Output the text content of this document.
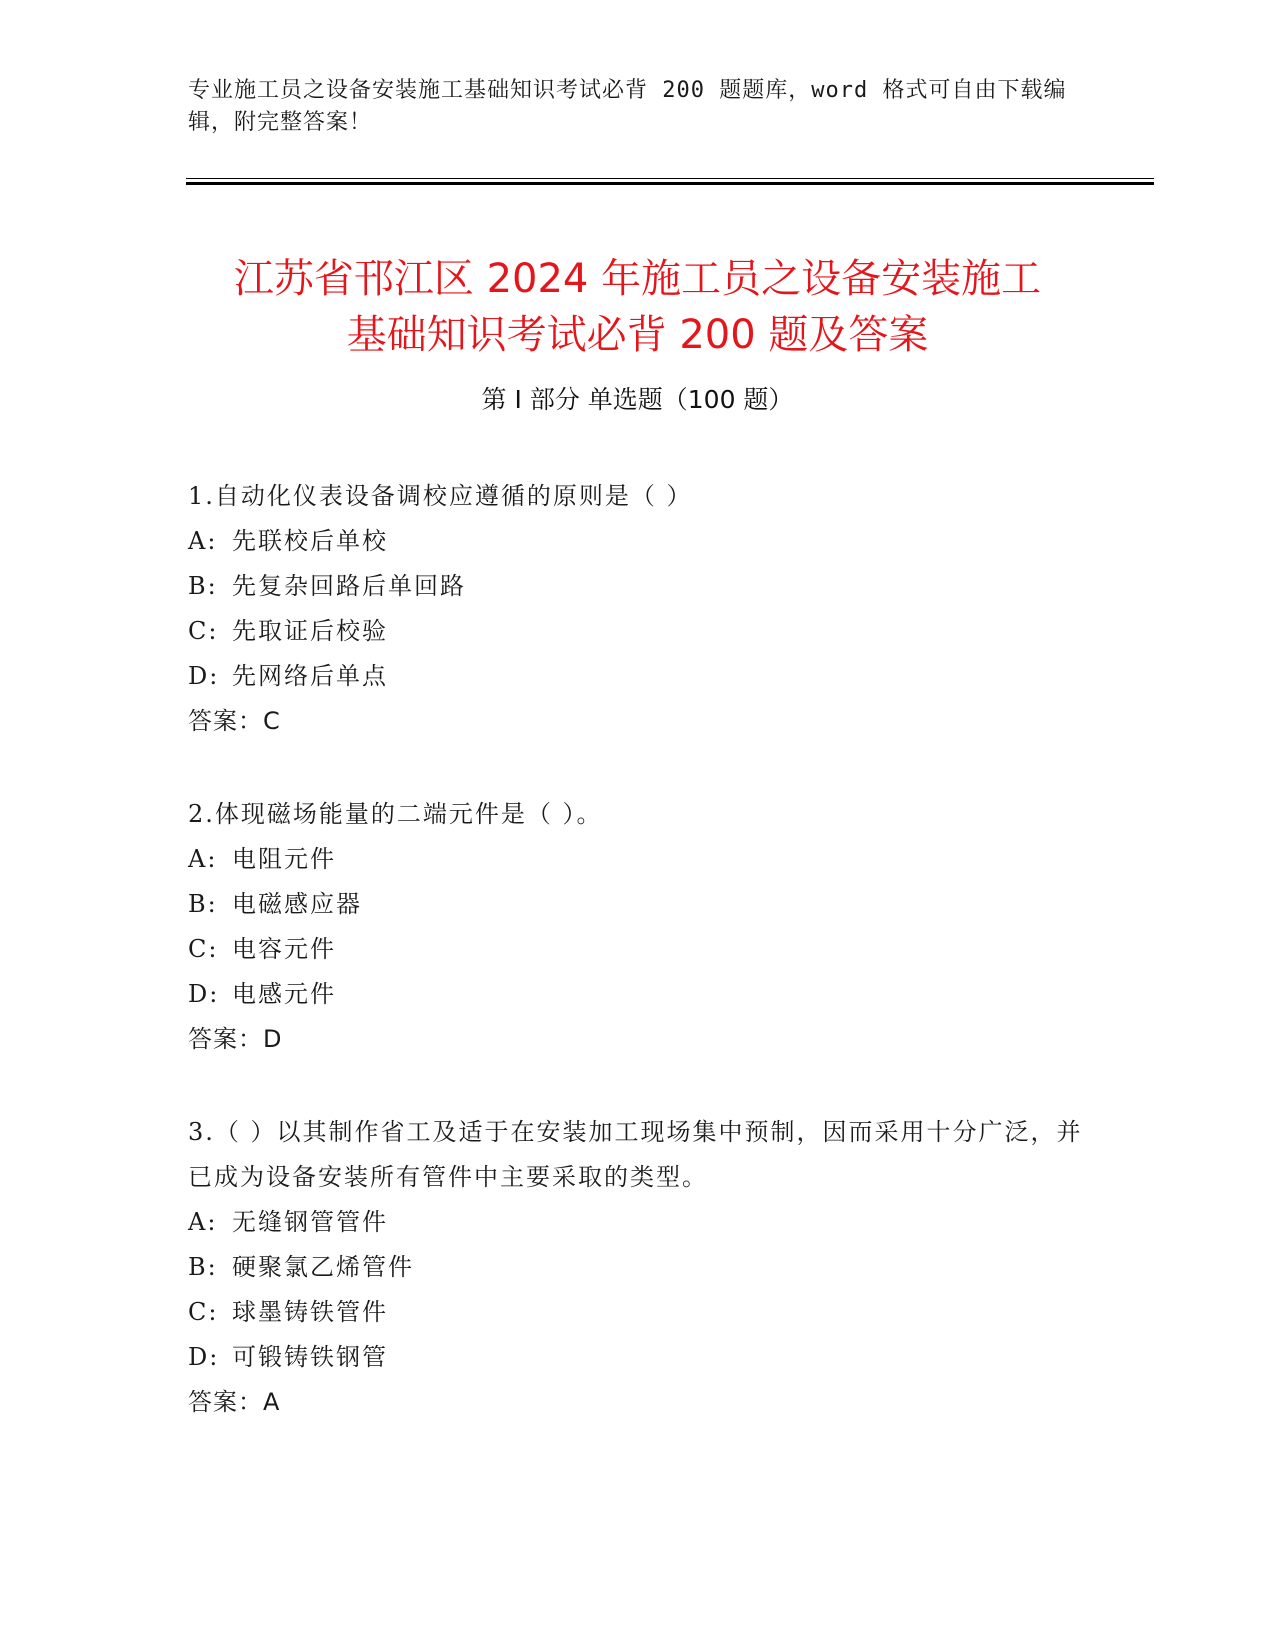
专业施工员之设备安装施工基础知识考试必背 200 题题库，word 格式可自由下载编辑，附完整答案！
江苏省邗江区 2024 年施工员之设备安装施工
基础知识考试必背 200 题及答案
第 I 部分 单选题（100 题）
1.自动化仪表设备调校应遵循的原则是（ ）
A: 先联校后单校
B: 先复杂回路后单回路
C: 先取证后校验
D: 先网络后单点
答案：C
2.体现磁场能量的二端元件是（ ）。
A: 电阻元件
B: 电磁感应器
C: 电容元件
D: 电感元件
答案：D
3.（ ）以其制作省工及适于在安装加工现场集中预制，因而采用十分广泛，并已成为设备安装所有管件中主要采取的类型。
A: 无缝钢管管件
B: 硬聚氯乙烯管件
C: 球墨铸铁管件
D: 可锻铸铁钢管
答案：A
